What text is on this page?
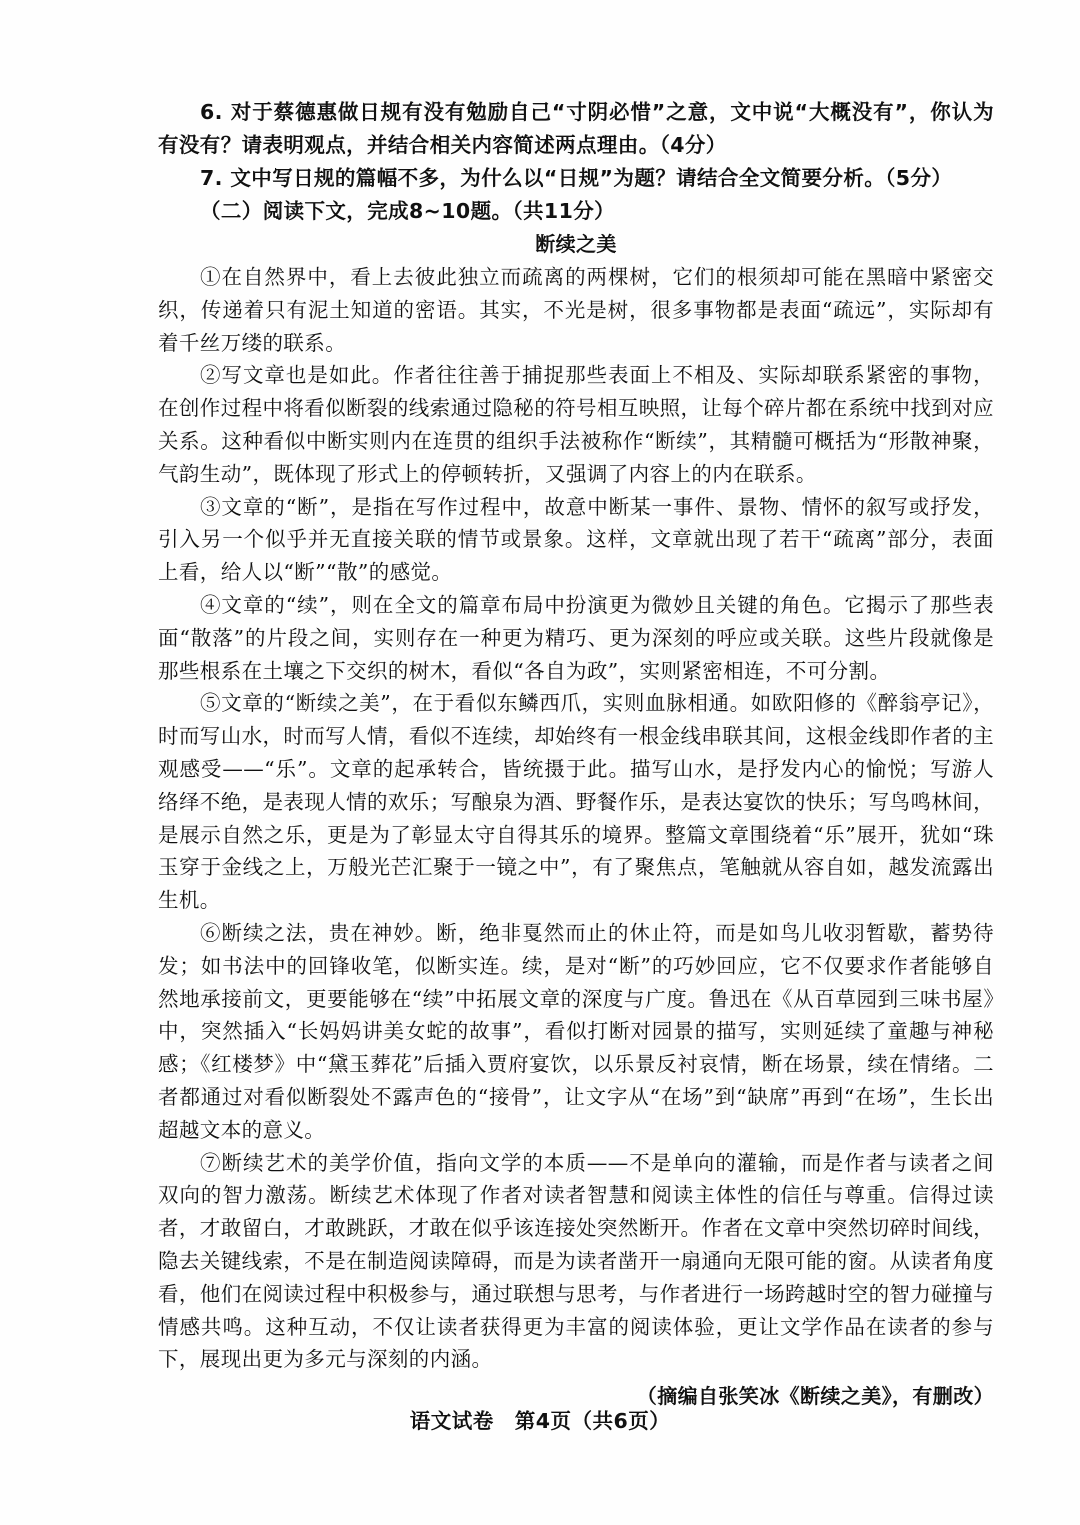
6. 对于蔡德惠做日规有没有勉励自己“寸阴必惜”之意，文中说“大概没有”，你认为有没有？请表明观点，并结合相关内容简述两点理由。（4分）

7. 文中写日规的篇幅不多，为什么以“日规”为题？请结合全文简要分析。（5分）

（二）阅读下文，完成8~10题。（共11分）

断续之美

①在自然界中，看上去彼此独立而疏离的两棵树，它们的根须却可能在黑暗中紧密交织，传递着只有泥土知道的密语。其实，不光是树，很多事物都是表面“疏远”，实际却有着千丝万缕的联系。

②写文章也是如此。作者往往善于捕捉那些表面上不相及、实际却联系紧密的事物，在创作过程中将看似断裂的线索通过隐秘的符号相互映照，让每个碎片都在系统中找到对应关系。这种看似中断实则内在连贯的组织手法被称作“断续”，其精髓可概括为“形散神聚，气韵生动”，既体现了形式上的停顿转折，又强调了内容上的内在联系。

③文章的“断”，是指在写作过程中，故意中断某一事件、景物、情怀的叙写或抒发，引入另一个似乎并无直接关联的情节或景象。这样，文章就出现了若干“疏离”部分，表面上看，给人以“断”“散”的感觉。

④文章的“续”，则在全文的篇章布局中扮演更为微妙且关键的角色。它揭示了那些表面“散落”的片段之间，实则存在一种更为精巧、更为深刻的呼应或关联。这些片段就像是那些根系在土壤之下交织的树木，看似“各自为政”，实则紧密相连，不可分割。

⑤文章的“断续之美”，在于看似东鳞西爪，实则血脉相通。如欧阳修的《醉翁亭记》，时而写山水，时而写人情，看似不连续，却始终有一根金线串联其间，这根金线即作者的主观感受——“乐”。文章的起承转合，皆统摄于此。描写山水，是抒发内心的愉悦；写游人络绎不绝，是表现人情的欢乐；写酿泉为酒、野餐作乐，是表达宴饮的快乐；写鸟鸣林间，是展示自然之乐，更是为了彰显太守自得其乐的境界。整篇文章围绕着“乐”展开，犹如“珠玉穿于金线之上，万般光芒汇聚于一镜之中”，有了聚焦点，笔触就从容自如，越发流露出生机。

⑥断续之法，贵在神妙。断，绝非戛然而止的休止符，而是如鸟儿收羽暂歇，蓄势待发；如书法中的回锋收笔，似断实连。续，是对“断”的巧妙回应，它不仅要求作者能够自然地承接前文，更要能够在“续”中拓展文章的深度与广度。鲁迅在《从百草园到三味书屋》中，突然插入“长妈妈讲美女蛇的故事”，看似打断对园景的描写，实则延续了童趣与神秘感；《红楼梦》中“黛玉葬花”后插入贾府宴饮，以乐景反衬哀情，断在场景，续在情绪。二者都通过对看似断裂处不露声色的“接骨”，让文字从“在场”到“缺席”再到“在场”，生长出超越文本的意义。

⑦断续艺术的美学价值，指向文学的本质——不是单向的灌输，而是作者与读者之间双向的智力激荡。断续艺术体现了作者对读者智慧和阅读主体性的信任与尊重。信得过读者，才敢留白，才敢跳跃，才敢在似乎该连接处突然断开。作者在文章中突然切碎时间线，隐去关键线索，不是在制造阅读障碍，而是为读者凿开一扇通向无限可能的窗。从读者角度看，他们在阅读过程中积极参与，通过联想与思考，与作者进行一场跨越时空的智力碰撞与情感共鸣。这种互动，不仅让读者获得更为丰富的阅读体验，更让文学作品在读者的参与下，展现出更为多元与深刻的内涵。

（摘编自张笑冰《断续之美》，有删改）

语文试卷　第4页（共6页）
